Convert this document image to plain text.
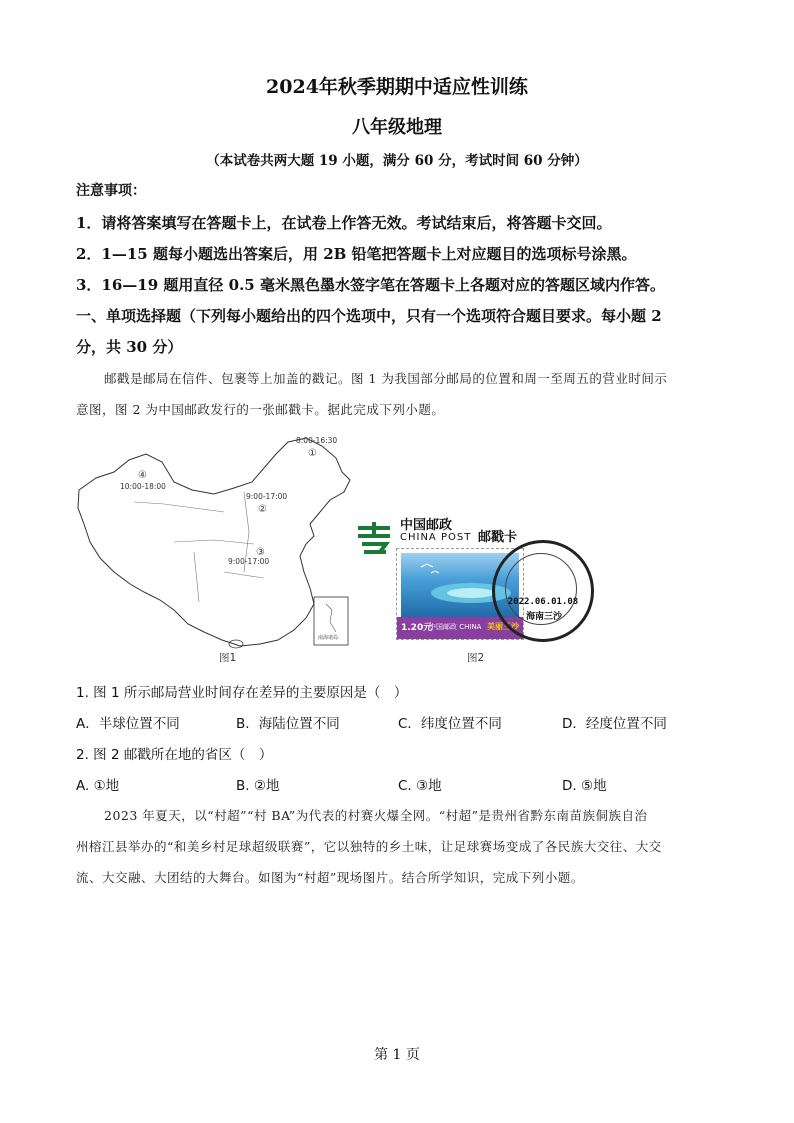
2024年秋季期期中适应性训练
八年级地理
（本试卷共两大题 19 小题，满分 60 分，考试时间 60 分钟）
注意事项：
1．请将答案填写在答题卡上，在试卷上作答无效。考试结束后，将答题卡交回。
2．1—15 题每小题选出答案后，用 2B 铅笔把答题卡上对应题目的选项标号涂黑。
3．16—19 题用直径 0.5 毫米黑色墨水签字笔在答题卡上各题对应的答题区域内作答。
一、单项选择题（下列每小题给出的四个选项中，只有一个选项符合题目要求。每小题 2
分，共 30 分）
邮戳是邮局在信件、包裹等上加盖的戳记。图 1 为我国部分邮局的位置和周一至周五的营业时间示
意图，图 2 为中国邮政发行的一张邮戳卡。据此完成下列小题。
④
10:00-18:00
8:00-16:30
①
9:00-17:00
②
③
9:00-17:00
南海诸岛
图1
中国邮政
CHINA POST 邮戳卡
1.20元
中国邮政 CHINA 美丽三沙
2022.06.01.08
海南三沙
图2
1. 图 1 所示邮局营业时间存在差异的主要原因是（　）
A．半球位置不同	B．海陆位置不同	C．纬度位置不同	D．经度位置不同
2. 图 2 邮戳所在地的省区（　）
A. ①地	B. ②地	C. ③地	D. ⑤地
2023 年夏天，以“村超”“村 BA”为代表的村赛火爆全网。“村超”是贵州省黔东南苗族侗族自治
州榕江县举办的“和美乡村足球超级联赛”，它以独特的乡土味，让足球赛场变成了各民族大交往、大交
流、大交融、大团结的大舞台。如图为“村超”现场图片。结合所学知识，完成下列小题。
第 1 页
